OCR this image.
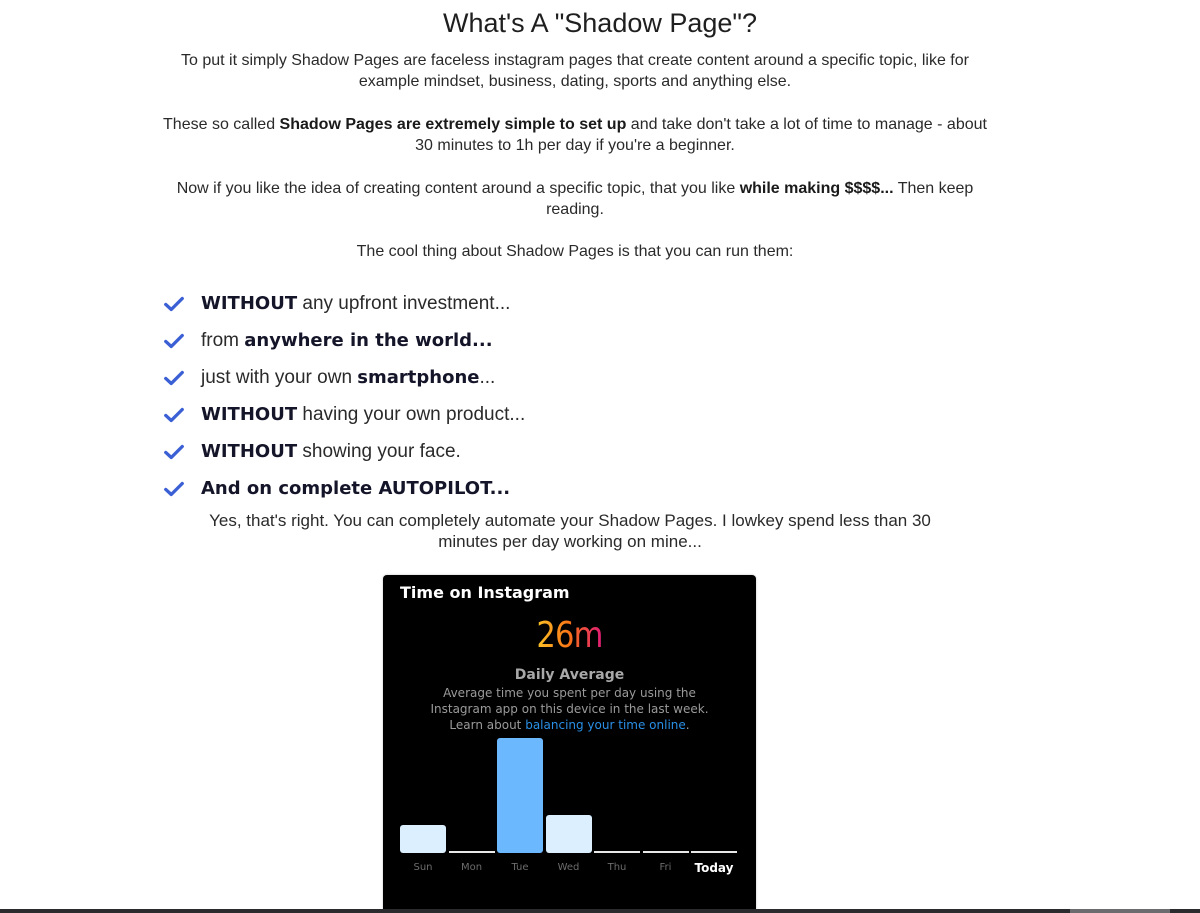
What's A "Shadow Page"?

To put it simply Shadow Pages are faceless instagram pages that create content around a specific topic, like for example mindset, business, dating, sports and anything else.

These so called Shadow Pages are extremely simple to set up and take don't take a lot of time to manage - about 30 minutes to 1h per day if you're a beginner.

Now if you like the idea of creating content around a specific topic, that you like while making $$$$... Then keep reading.

The cool thing about Shadow Pages is that you can run them:

WITHOUT any upfront investment...
from anywhere in the world...
just with your own smartphone...
WITHOUT having your own product...
WITHOUT showing your face.
And on complete AUTOPILOT...

Yes, that's right. You can completely automate your Shadow Pages. I lowkey spend less than 30 minutes per day working on mine...

Time on Instagram
26m
Daily Average
Average time you spent per day using the
Instagram app on this device in the last week.
Learn about balancing your time online.
Sun	Mon	Tue	Wed	Thu	Fri	Today
